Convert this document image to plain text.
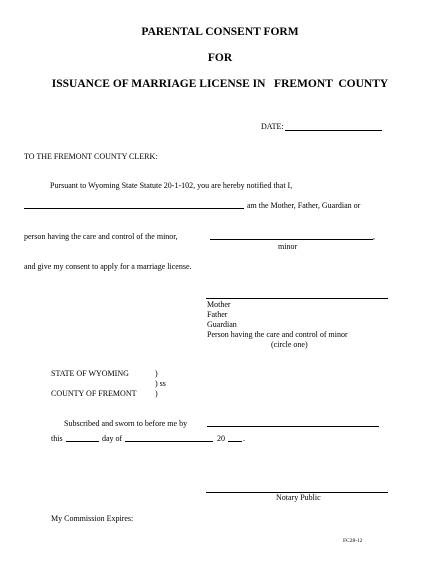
PARENTAL CONSENT FORM
FOR
ISSUANCE OF MARRIAGE LICENSE IN   FREMONT  COUNTY
DATE:
TO THE FREMONT COUNTY CLERK:
Pursuant to Wyoming State Statute 20-1-102, you are hereby notified that I,
am the Mother, Father, Guardian or
person having the care and control of the minor,	,
minor
and give my consent to apply for a marriage license.
Mother
Father
Guardian
Person having the care and control of minor
(circle one)
STATE OF WYOMING	)
) ss
COUNTY OF FREMONT )
Subscribed and sworn to before me by
this	day of	20 .
Notary Public
My Commission Expires:
FC28-12
